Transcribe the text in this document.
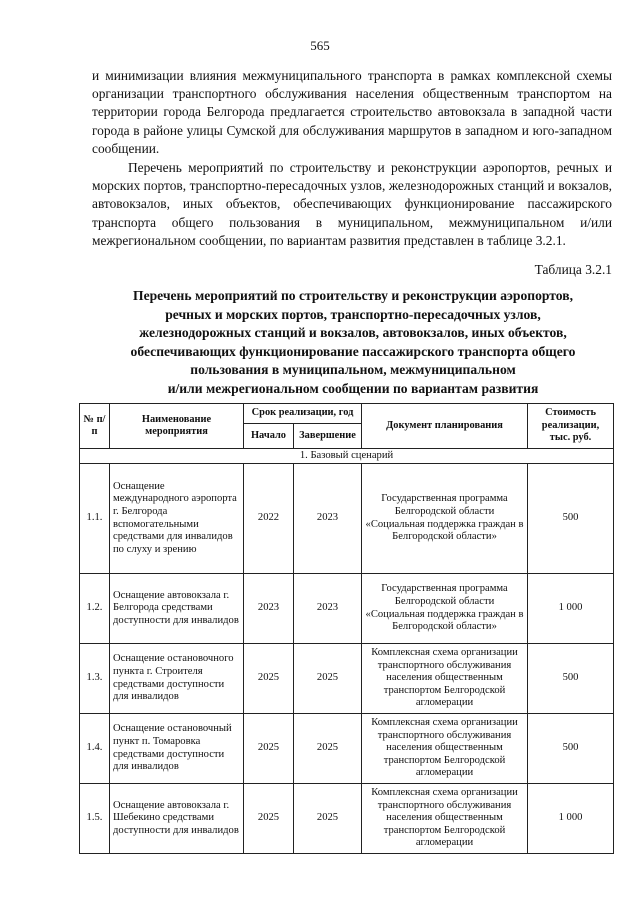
565
и минимизации влияния межмуниципального транспорта в рамках комплексной схемы организации транспортного обслуживания населения общественным транспортом на территории города Белгорода предлагается строительство автовокзала в западной части города в районе улицы Сумской для обслуживания маршрутов в западном и юго-западном сообщении.
Перечень мероприятий по строительству и реконструкции аэропортов, речных и морских портов, транспортно-пересадочных узлов, железнодорожных станций и вокзалов, автовокзалов, иных объектов, обеспечивающих функционирование пассажирского транспорта общего пользования в муниципальном, межмуниципальном и/или межрегиональном сообщении, по вариантам развития представлен в таблице 3.2.1.
Таблица 3.2.1
Перечень мероприятий по строительству и реконструкции аэропортов,
речных и морских портов, транспортно-пересадочных узлов,
железнодорожных станций и вокзалов, автовокзалов, иных объектов,
обеспечивающих функционирование пассажирского транспорта общего
пользования в муниципальном, межмуниципальном
и/или межрегиональном сообщении по вариантам развития
№ п/п	Наименование мероприятия	Срок реализации, год		Документ планирования	Стоимость реализации, тыс. руб.
		Начало	Завершение		
1. Базовый сценарий					
1.1.	Оснащение международного аэропорта г. Белгорода вспомогательными средствами для инвалидов по слуху и зрению	2022	2023	Государственная программа Белгородской области «Социальная поддержка граждан в Белгородской области»	500
1.2.	Оснащение автовокзала г. Белгорода средствами доступности для инвалидов	2023	2023	Государственная программа Белгородской области «Социальная поддержка граждан в Белгородской области»	1 000
1.3.	Оснащение остановочного пункта г. Строителя средствами доступности для инвалидов	2025	2025	Комплексная схема организации транспортного обслуживания населения общественным транспортом Белгородской агломерации	500
1.4.	Оснащение остановочный пункт п. Томаровка средствами доступности для инвалидов	2025	2025	Комплексная схема организации транспортного обслуживания населения общественным транспортом Белгородской агломерации	500
1.5.	Оснащение автовокзала г. Шебекино средствами доступности для инвалидов	2025	2025	Комплексная схема организации транспортного обслуживания населения общественным транспортом Белгородской агломерации	1 000
